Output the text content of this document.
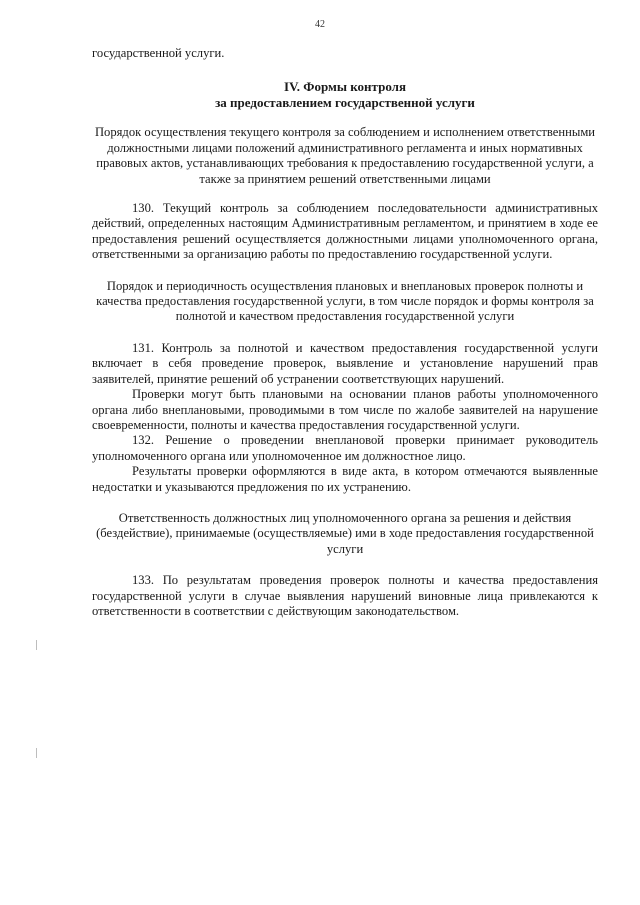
42

государственной услуги.

IV. Формы контроля
за предоставлением государственной услуги
Порядок осуществления текущего контроля за соблюдением и исполнением ответственными должностными лицами положений административного регламента и иных нормативных правовых актов, устанавливающих требования к предоставлению государственной услуги, а также за принятием решений ответственными лицами

130. Текущий контроль за соблюдением последовательности административных действий, определенных настоящим Административным регламентом, и принятием в ходе ее предоставления решений осуществляется должностными лицами уполномоченного органа, ответственными за организацию работы по предоставлению государственной услуги.

Порядок и периодичность осуществления плановых и внеплановых проверок полноты и качества предоставления государственной услуги, в том числе порядок и формы контроля за полнотой и качеством предоставления государственной услуги

131. Контроль за полнотой и качеством предоставления государственной услуги включает в себя проведение проверок, выявление и установление нарушений прав заявителей, принятие решений об устранении соответствующих нарушений.

Проверки могут быть плановыми на основании планов работы уполномоченного органа либо внеплановыми, проводимыми в том числе по жалобе заявителей на нарушение своевременности, полноты и качества предоставления государственной услуги.

132. Решение о проведении внеплановой проверки принимает руководитель уполномоченного органа или уполномоченное им должностное лицо.

Результаты проверки оформляются в виде акта, в котором отмечаются выявленные недостатки и указываются предложения по их устранению.

Ответственность должностных лиц уполномоченного органа за решения и действия (бездействие), принимаемые (осуществляемые) ими в ходе предоставления государственной услуги

133. По результатам проведения проверок полноты и качества предоставления государственной услуги в случае выявления нарушений виновные лица привлекаются к ответственности в соответствии с действующим законодательством.
